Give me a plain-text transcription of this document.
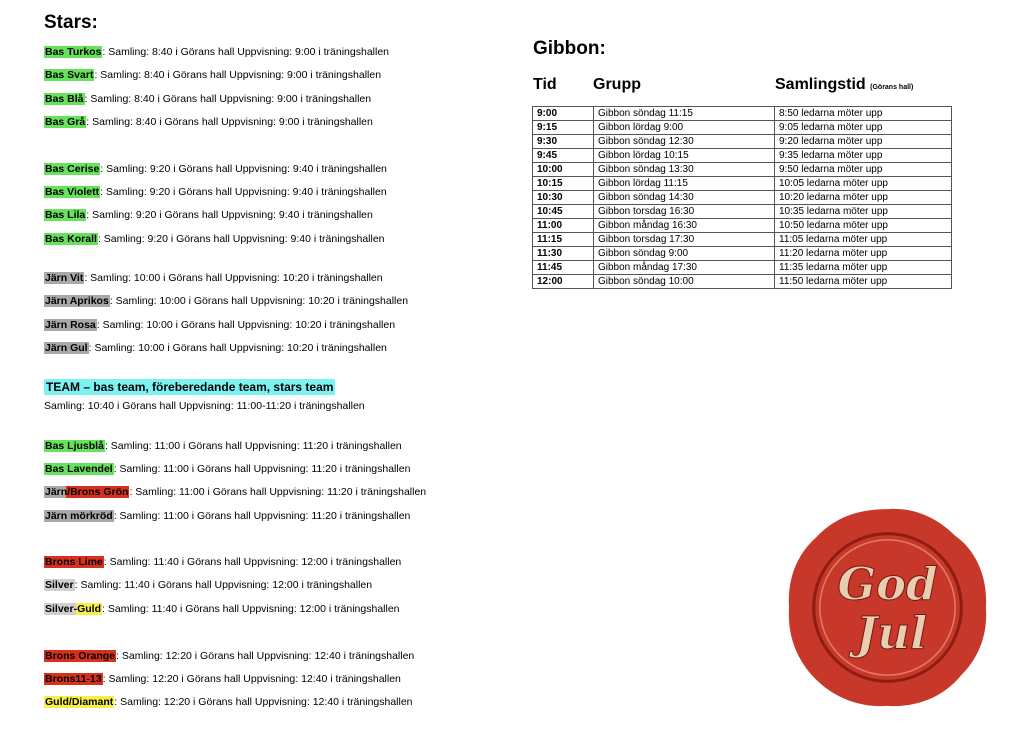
Stars:
Bas Turkos: Samling: 8:40 i Görans hall Uppvisning: 9:00 i träningshallen
Bas Svart: Samling: 8:40 i Görans hall Uppvisning: 9:00 i träningshallen
Bas Blå: Samling: 8:40 i Görans hall Uppvisning: 9:00 i träningshallen
Bas Grå: Samling: 8:40 i Görans hall Uppvisning: 9:00 i träningshallen
Bas Cerise: Samling: 9:20 i Görans hall Uppvisning: 9:40 i träningshallen
Bas Violett: Samling: 9:20 i Görans hall Uppvisning: 9:40 i träningshallen
Bas Lila: Samling: 9:20 i Görans hall Uppvisning: 9:40 i träningshallen
Bas Korall: Samling: 9:20 i Görans hall Uppvisning: 9:40 i träningshallen
Järn Vit: Samling: 10:00 i Görans hall Uppvisning: 10:20 i träningshallen
Järn Aprikos: Samling: 10:00 i Görans hall Uppvisning: 10:20 i träningshallen
Järn Rosa: Samling: 10:00 i Görans hall Uppvisning: 10:20 i träningshallen
Järn Gul: Samling: 10:00 i Görans hall Uppvisning: 10:20 i träningshallen
TEAM – bas team, föreberedande team, stars team
Samling: 10:40 i Görans hall Uppvisning: 11:00-11:20 i träningshallen
Bas Ljusblå: Samling: 11:00 i Görans hall Uppvisning: 11:20 i träningshallen
Bas Lavendel: Samling: 11:00 i Görans hall Uppvisning: 11:20 i träningshallen
Järn/Brons Grön: Samling: 11:00 i Görans hall Uppvisning: 11:20 i träningshallen
Järn mörkröd: Samling: 11:00 i Görans hall Uppvisning: 11:20 i träningshallen
Brons Lime: Samling: 11:40 i Görans hall Uppvisning: 12:00 i träningshallen
Silver: Samling: 11:40 i Görans hall Uppvisning: 12:00 i träningshallen
Silver-Guld: Samling: 11:40 i Görans hall Uppvisning: 12:00 i träningshallen
Brons Orange: Samling: 12:20 i Görans hall Uppvisning: 12:40 i träningshallen
Brons11-13: Samling: 12:20 i Görans hall Uppvisning: 12:40 i träningshallen
Guld/Diamant: Samling: 12:20 i Görans hall Uppvisning: 12:40 i träningshallen
Gibbon:
Tid Grupp	Samlingstid (Görans hall)
9:00	Gibbon söndag 11:15	8:50 ledarna möter upp
9:15	Gibbon lördag 9:00	9:05 ledarna möter upp
9:30	Gibbon söndag 12:30	9:20 ledarna möter upp
9:45	Gibbon lördag 10:15	9:35 ledarna möter upp
10:00	Gibbon söndag 13:30	9:50 ledarna möter upp
10:15	Gibbon lördag 11:15	10:05 ledarna möter upp
10:30	Gibbon söndag 14:30	10:20 ledarna möter upp
10:45	Gibbon torsdag 16:30	10:35 ledarna möter upp
11:00	Gibbon måndag 16:30	10:50 ledarna möter upp
11:15	Gibbon torsdag 17:30	11:05 ledarna möter upp
11:30	Gibbon söndag 9:00	11:20 ledarna möter upp
11:45	Gibbon måndag 17:30	11:35 ledarna möter upp
12:00	Gibbon söndag 10:00	11:50 ledarna möter upp
God
Jul
